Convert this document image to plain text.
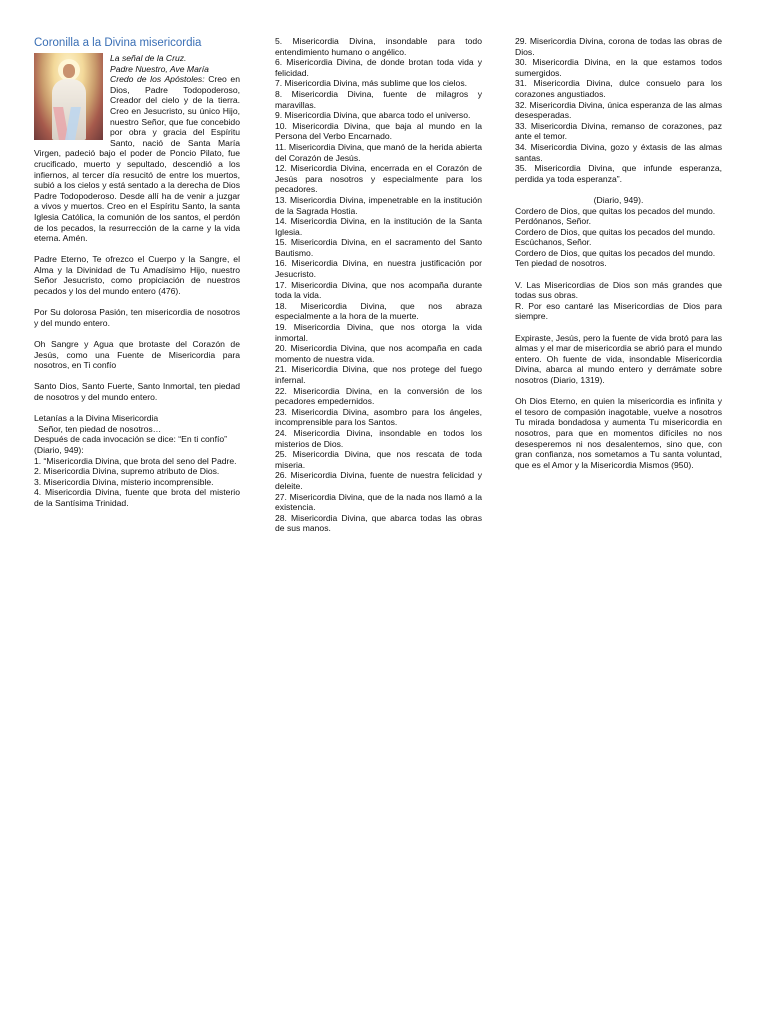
Coronilla a la Divina misericordia

La señal de la Cruz.

Padre Nuestro, Ave María

Credo de los Apóstoles: Creo en Dios, Padre Todopoderoso, Creador del cielo y de la tierra. Creo en Jesucristo, su único Hijo, nuestro Señor, que fue concebido por obra y gracia del Espíritu Santo, nació de Santa María Virgen, padeció bajo el poder de Poncio Pilato, fue crucificado, muerto y sepultado, descendió a los infiernos, al tercer día resucitó de entre los muertos, subió a los cielos y está sentado a la derecha de Dios Padre Todopoderoso. Desde allí ha de venir a juzgar a vivos y muertos. Creo en el Espíritu Santo, la santa Iglesia Católica, la comunión de los santos, el perdón de los pecados, la resurrección de la carne y la vida eterna. Amén.

Padre Eterno, Te ofrezco el Cuerpo y la Sangre, el Alma y la Divinidad de Tu Amadísimo Hijo, nuestro Señor Jesucristo, como propiciación de nuestros pecados y los del mundo entero (476).

Por Su dolorosa Pasión, ten misericordia de nosotros y del mundo entero.

Oh Sangre y Agua que brotaste del Corazón de Jesús, como una Fuente de Misericordia para nosotros, en Ti confío

Santo Dios, Santo Fuerte, Santo Inmortal, ten piedad de nosotros y del mundo entero.

Letanías a la Divina Misericordia

Señor, ten piedad de nosotros…

Después de cada invocación se dice: “En ti confío”

(Diario, 949):

1. “Misericordia Divina, que brota del seno del Padre.

2. Misericordia Divina, supremo atributo de Dios.

3. Misericordia Divina, misterio incomprensible.

4. Misericordia Divina, fuente que brota del misterio de la Santísima Trinidad.

5. Misericordia Divina, insondable para todo entendimiento humano o angélico.

6. Misericordia Divina, de donde brotan toda vida y felicidad.

7. Misericordia Divina, más sublime que los cielos.

8. Misericordia Divina, fuente de milagros y maravillas.

9. Misericordia Divina, que abarca todo el universo.

10. Misericordia Divina, que baja al mundo en la Persona del Verbo Encarnado.

11. Misericordia Divina, que manó de la herida abierta del Corazón de Jesús.

12. Misericordia Divina, encerrada en el Corazón de Jesús para nosotros y especialmente para los pecadores.

13. Misericordia Divina, impenetrable en la institución de la Sagrada Hostia.

14. Misericordia Divina, en la institución de la Santa Iglesia.

15. Misericordia Divina, en el sacramento del Santo Bautismo.

16. Misericordia Divina, en nuestra justificación por Jesucristo.

17. Misericordia Divina, que nos acompaña durante toda la vida.

18. Misericordia Divina, que nos abraza especialmente a la hora de la muerte.

19. Misericordia Divina, que nos otorga la vida inmortal.

20. Misericordia Divina, que nos acompaña en cada momento de nuestra vida.

21. Misericordia Divina, que nos protege del fuego infernal.

22. Misericordia Divina, en la conversión de los pecadores empedernidos.

23. Misericordia Divina, asombro para los ángeles, incomprensible para los Santos.

24. Misericordia Divina, insondable en todos los misterios de Dios.

25. Misericordia Divina, que nos rescata de toda miseria.

26. Misericordia Divina, fuente de nuestra felicidad y deleite.

27. Misericordia Divina, que de la nada nos llamó a la existencia.

28. Misericordia Divina, que abarca todas las obras de sus manos.

29. Misericordia Divina, corona de todas las obras de Dios.

30. Misericordia Divina, en la que estamos todos sumergidos.

31. Misericordia Divina, dulce consuelo para los corazones angustiados.

32. Misericordia Divina, única esperanza de las almas desesperadas.

33. Misericordia Divina, remanso de corazones, paz ante el temor.

34. Misericordia Divina, gozo y éxtasis de las almas santas.

35. Misericordia Divina, que infunde esperanza, perdida ya toda esperanza”.

(Diario, 949).

Cordero de Dios, que quitas los pecados del mundo.

Perdónanos, Señor.

Cordero de Dios, que quitas los pecados del mundo.

Escúchanos, Señor.

Cordero de Dios, que quitas los pecados del mundo.

Ten piedad de nosotros.

V. Las Misericordias de Dios son más grandes que todas sus obras.

R. Por eso cantaré las Misericordias de Dios para siempre.

Expiraste, Jesús, pero la fuente de vida brotó para las almas y el mar de misericordia se abrió para el mundo entero. Oh fuente de vida, insondable Misericordia Divina, abarca al mundo entero y derrámate sobre nosotros (Diario, 1319).

Oh Dios Eterno, en quien la misericordia es infinita y el tesoro de compasión inagotable, vuelve a nosotros Tu mirada bondadosa y aumenta Tu misericordia en nosotros, para que en momentos difíciles no nos desesperemos ni nos desalentemos, sino que, con gran confianza, nos sometamos a Tu santa voluntad, que es el Amor y la Misericordia Mismos (950).
